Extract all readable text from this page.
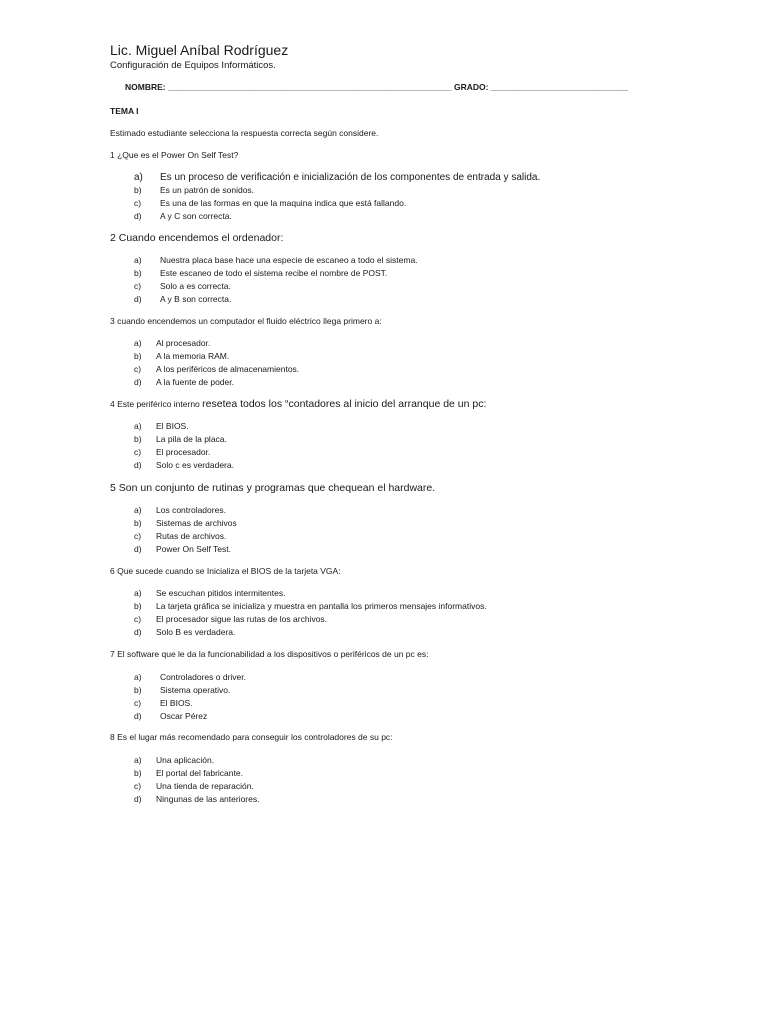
Lic. Miguel Aníbal Rodríguez
Configuración de Equipos Informáticos.
NOMBRE: ____________________________________________________________ GRADO: _____________________________
TEMA I
Estimado estudiante selecciona la respuesta correcta según considere.
1 ¿Que es el Power On Self Test?
a) Es un proceso de verificación e inicialización de los componentes de entrada y salida.
b) Es un patrón de sonidos.
c) Es una de las formas en que la maquina indica que está fallando.
d) A y C son correcta.
2 Cuando encendemos el ordenador:
a) Nuestra placa base hace una especie de escaneo a todo el sistema.
b) Este escaneo de todo el sistema recibe el nombre de POST.
c) Solo a es correcta.
d) A y B son correcta.
3 cuando encendemos un computador el fluido eléctrico llega primero a:
a) Al procesador.
b) A la memoria RAM.
c) A los periféricos de almacenamientos.
d) A la fuente de poder.
4 Este periférico interno resetea todos los “contadores al inicio del arranque de un pc:
a) El BIOS.
b) La pila de la placa.
c) El procesador.
d) Solo c es verdadera.
5 Son un conjunto de rutinas y programas que chequean el hardware.
a) Los controladores.
b) Sistemas de archivos
c) Rutas de archivos.
d) Power On Self Test.
6 Que sucede cuando se Inicializa el BIOS de la tarjeta VGA:
a) Se escuchan pitidos intermitentes.
b) La tarjeta gráfica se inicializa y muestra en pantalla los primeros mensajes informativos.
c) El procesador sigue las rutas de los archivos.
d) Solo B es verdadera.
7 El software que le da la funcionabilidad a los dispositivos o periféricos de un pc es:
a) Controladores o driver.
b) Sistema operativo.
c) El BIOS.
d) Oscar Pérez
8 Es el lugar más recomendado para conseguir los controladores de su pc:
a) Una aplicación.
b) El portal del fabricante.
c) Una tienda de reparación.
d) Ningunas de las anteriores.
